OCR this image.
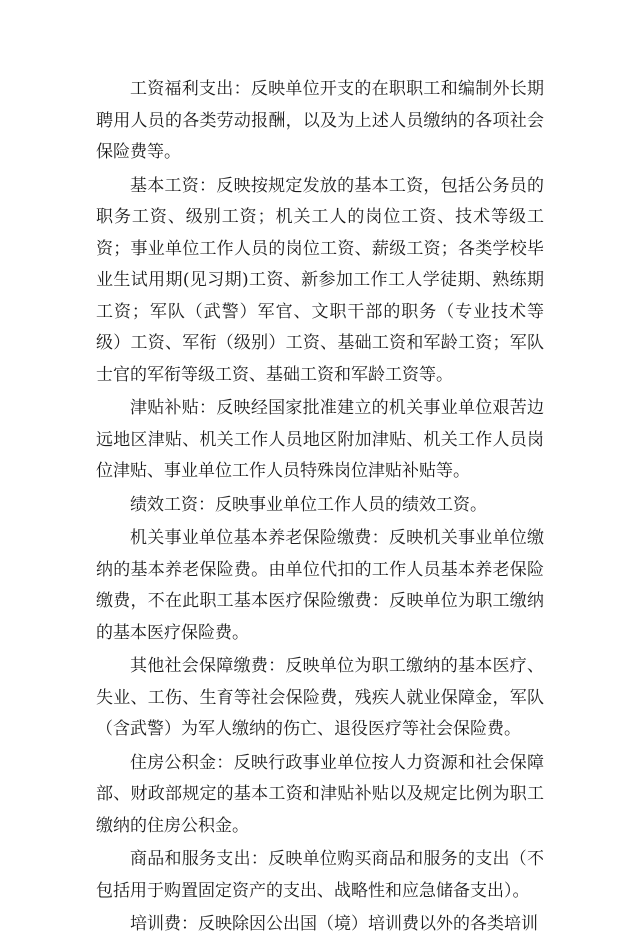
工资福利支出：反映单位开支的在职职工和编制外长期聘用人员的各类劳动报酬，以及为上述人员缴纳的各项社会保险费等。

基本工资：反映按规定发放的基本工资，包括公务员的职务工资、级别工资；机关工人的岗位工资、技术等级工资；事业单位工作人员的岗位工资、薪级工资；各类学校毕业生试用期(见习期)工资、新参加工作工人学徒期、熟练期工资；军队（武警）军官、文职干部的职务（专业技术等级）工资、军衔（级别）工资、基础工资和军龄工资；军队士官的军衔等级工资、基础工资和军龄工资等。

津贴补贴：反映经国家批准建立的机关事业单位艰苦边远地区津贴、机关工作人员地区附加津贴、机关工作人员岗位津贴、事业单位工作人员特殊岗位津贴补贴等。

绩效工资：反映事业单位工作人员的绩效工资。

机关事业单位基本养老保险缴费：反映机关事业单位缴纳的基本养老保险费。由单位代扣的工作人员基本养老保险缴费，不在此职工基本医疗保险缴费：反映单位为职工缴纳的基本医疗保险费。

其他社会保障缴费：反映单位为职工缴纳的基本医疗、失业、工伤、生育等社会保险费，残疾人就业保障金，军队（含武警）为军人缴纳的伤亡、退役医疗等社会保险费。

住房公积金：反映行政事业单位按人力资源和社会保障部、财政部规定的基本工资和津贴补贴以及规定比例为职工缴纳的住房公积金。

商品和服务支出：反映单位购买商品和服务的支出（不包括用于购置固定资产的支出、战略性和应急储备支出）。

培训费：反映除因公出国（境）培训费以外的各类培训
